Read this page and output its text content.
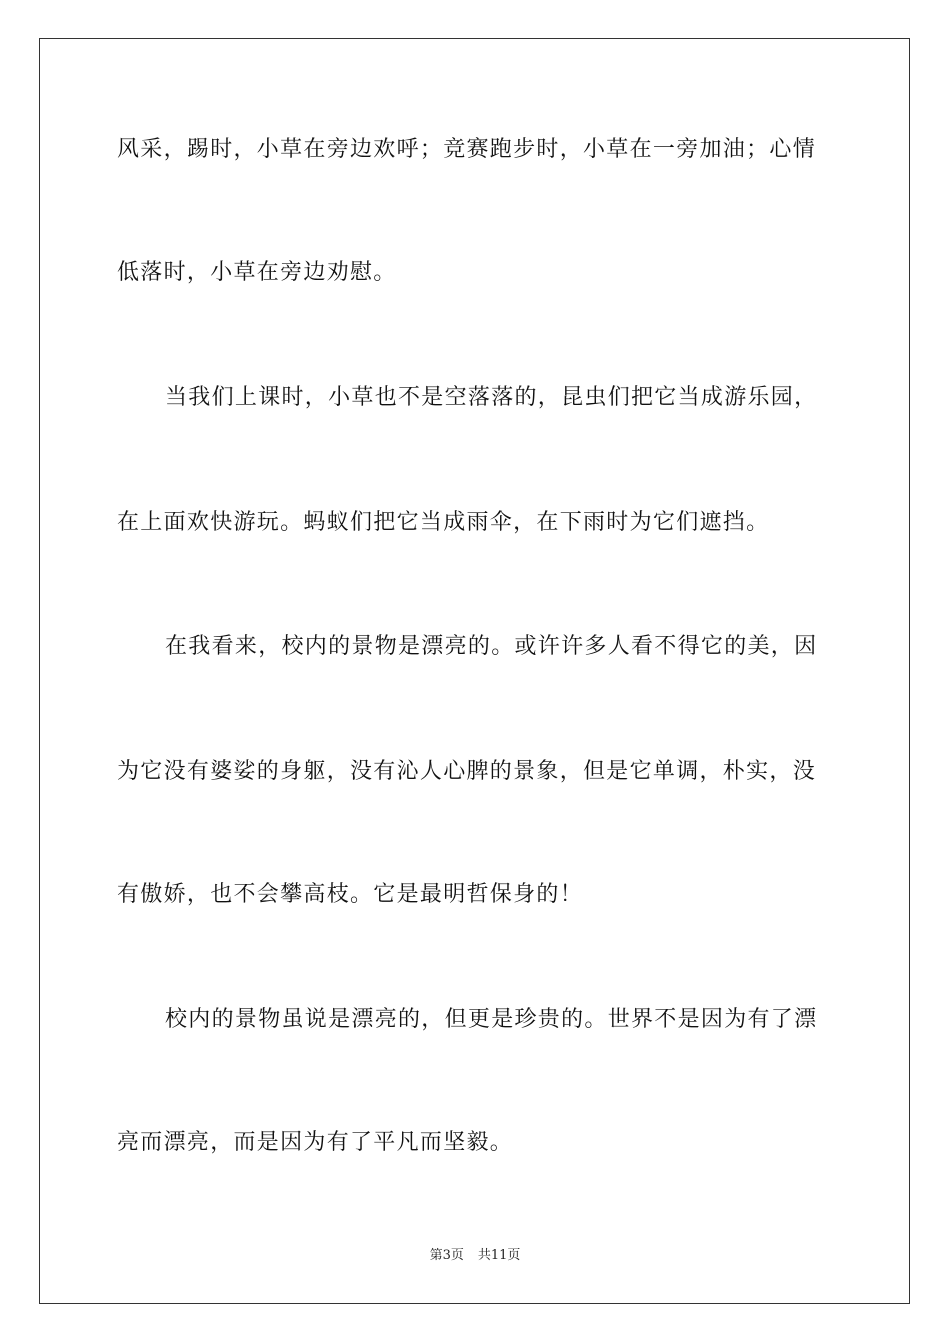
风采，踢时，小草在旁边欢呼；竞赛跑步时，小草在一旁加油；心情
低落时，小草在旁边劝慰。
当我们上课时，小草也不是空落落的，昆虫们把它当成游乐园，
在上面欢快游玩。蚂蚁们把它当成雨伞，在下雨时为它们遮挡。
在我看来，校内的景物是漂亮的。或许许多人看不得它的美，因
为它没有婆娑的身躯，没有沁人心脾的景象，但是它单调，朴实，没
有傲娇，也不会攀高枝。它是最明哲保身的！
校内的景物虽说是漂亮的，但更是珍贵的。世界不是因为有了漂
亮而漂亮，而是因为有了平凡而坚毅。
第3页 共11页
